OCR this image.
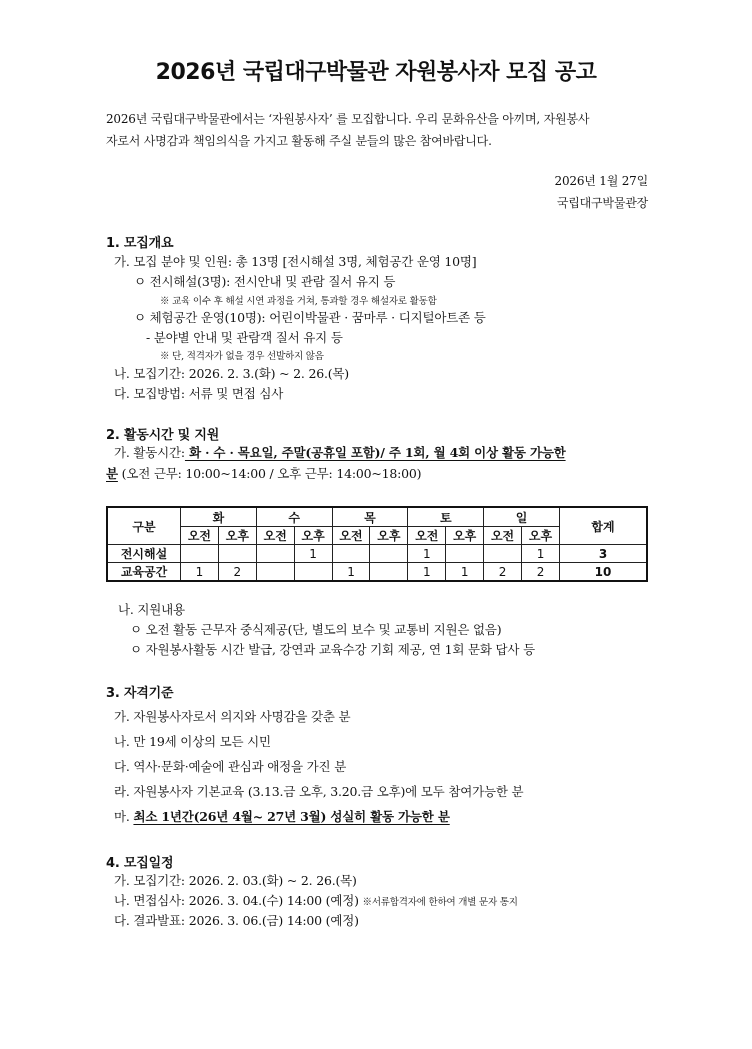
2026년 국립대구박물관 자원봉사자 모집 공고
2026년 국립대구박물관에서는 ‘자원봉사자’ 를 모집합니다. 우리 문화유산을 아끼며, 자원봉사
자로서 사명감과 책임의식을 가지고 활동해 주실 분들의 많은 참여바랍니다.
2026년 1월 27일
국립대구박물관장
1. 모집개요
가. 모집 분야 및 인원: 총 13명 [전시해설 3명, 체험공간 운영 10명]
ㅇ 전시해설(3명): 전시안내 및 관람 질서 유지 등
※ 교육 이수 후 해설 시연 과정을 거쳐, 통과할 경우 해설자로 활동함
ㅇ 체험공간 운영(10명): 어린이박물관 · 꿈마루 · 디지털아트존 등
- 분야별 안내 및 관람객 질서 유지 등
※ 단, 적격자가 없을 경우 선발하지 않음
나. 모집기간: 2026. 2. 3.(화) ~ 2. 26.(목)
다. 모집방법: 서류 및 면접 심사
2. 활동시간 및 지원
가. 활동시간: 화 · 수 · 목요일, 주말(공휴일 포함)/ 주 1회, 월 4회 이상 활동 가능한
분 (오전 근무: 10:00~14:00 / 오후 근무: 14:00~18:00)
구분	화		수		목		토		일		합계
	오전	오후	오전	오후	오전	오후	오전	오후	오전	오후	
전시해설				1			1			1	3
교육공간	1	2			1		1	1	2	2	10
나. 지원내용
ㅇ 오전 활동 근무자 중식제공(단, 별도의 보수 및 교통비 지원은 없음)
ㅇ 자원봉사활동 시간 발급, 강연과 교육수강 기회 제공, 연 1회 문화 답사 등
3. 자격기준
가. 자원봉사자로서 의지와 사명감을 갖춘 분
나. 만 19세 이상의 모든 시민
다. 역사·문화·예술에 관심과 애정을 가진 분
라. 자원봉사자 기본교육 (3.13.금 오후, 3.20.금 오후)에 모두 참여가능한 분
마. 최소 1년간(26년 4월~ 27년 3월) 성실히 활동 가능한 분
4. 모집일정
가. 모집기간: 2026. 2. 03.(화) ~ 2. 26.(목)
나. 면접심사: 2026. 3. 04.(수) 14:00 (예정) ※서류합격자에 한하여 개별 문자 통지
다. 결과발표: 2026. 3. 06.(금) 14:00 (예정)
